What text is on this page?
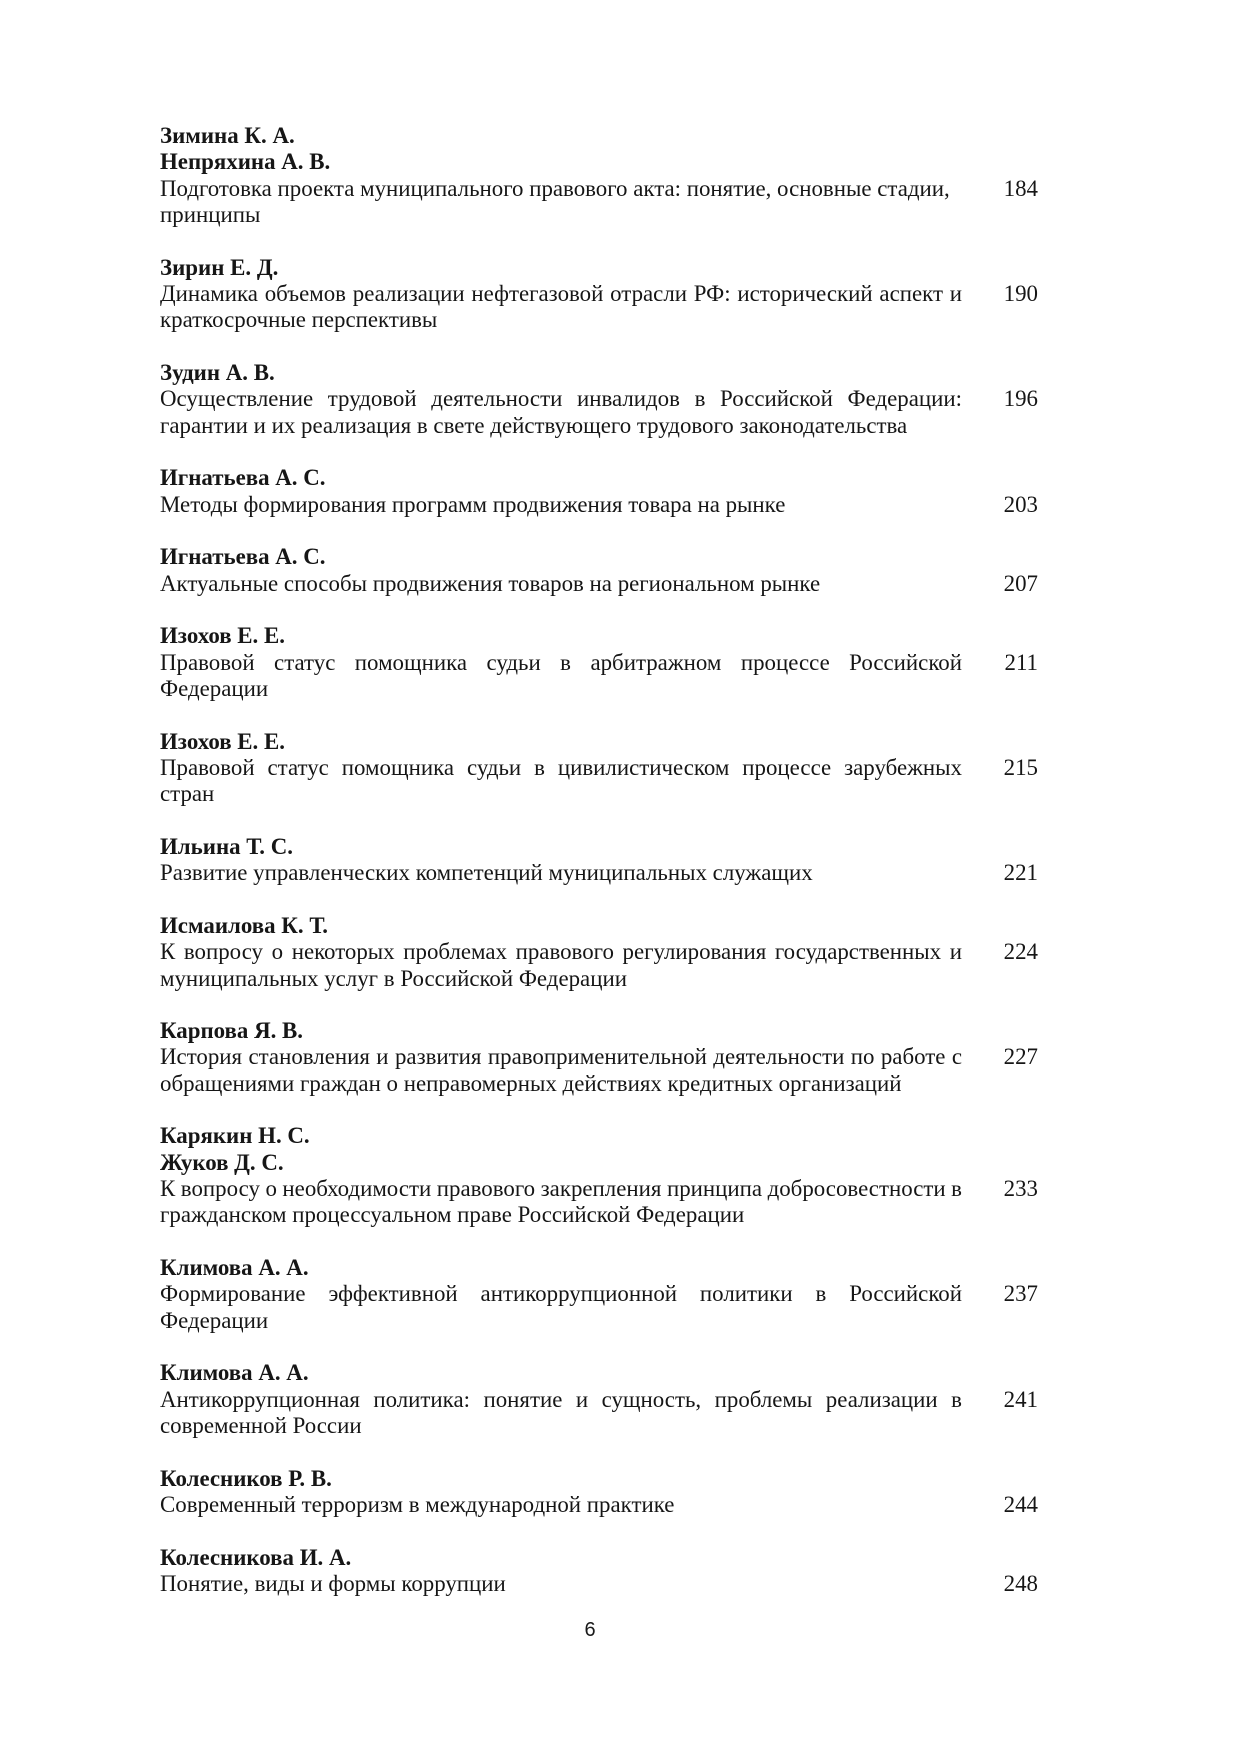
Зимина К. А.
Непряхина А. В.
Подготовка проекта муниципального правового акта: понятие, основные стадии, 184
принципы
Зирин Е. Д.
Динамика объемов реализации нефтегазовой отрасли РФ: исторический аспект и 190
краткосрочные перспективы
Зудин А. В.
Осуществление трудовой деятельности инвалидов в Российской Федерации: 196
гарантии и их реализация в свете действующего трудового законодательства
Игнатьева А. С.
Методы формирования программ продвижения товара на рынке	203
Игнатьева А. С.
Актуальные способы продвижения товаров на региональном рынке	207
Изохов Е. Е.
Правовой статус помощника судьи в арбитражном процессе Российской 211
Федерации
Изохов Е. Е.
Правовой статус помощника судьи в цивилистическом процессе зарубежных 215
стран
Ильина Т. С.
Развитие управленческих компетенций муниципальных служащих	221
Исмаилова К. Т.
К вопросу о некоторых проблемах правового регулирования государственных и 224
муниципальных услуг в Российской Федерации
Карпова Я. В.
История становления и развития правоприменительной деятельности по работе с 227
обращениями граждан о неправомерных действиях кредитных организаций
Карякин Н. С.
Жуков Д. С.
К вопросу о необходимости правового закрепления принципа добросовестности в 233
гражданском процессуальном праве Российской Федерации
Климова А. А.
Формирование эффективной антикоррупционной политики в Российской 237
Федерации
Климова А. А.
Антикоррупционная политика: понятие и сущность, проблемы реализации в 241
современной России
Колесников Р. В.
Современный терроризм в международной практике	244
Колесникова И. А.
Понятие, виды и формы коррупции	248
6
